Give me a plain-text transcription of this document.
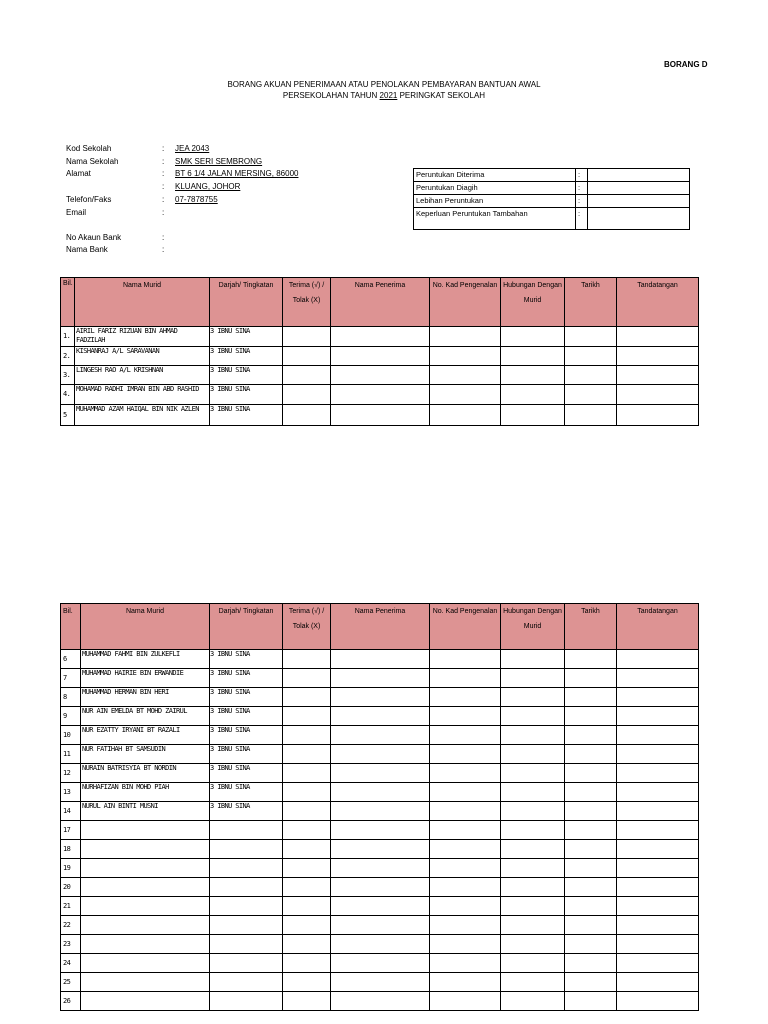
BORANG D
BORANG AKUAN PENERIMAAN ATAU PENOLAKAN PEMBAYARAN BANTUAN AWAL
PERSEKOLAHAN TAHUN 2021 PERINGKAT SEKOLAH
Kod Sekolah	: JEA 2043
Nama Sekolah	: SMK SERI SEMBRONG
Alamat	: BT 6 1/4 JALAN MERSING, 86000
: KLUANG, JOHOR
Telefon/Faks	: 07-7878755
Email	:
No Akaun Bank	:
Nama Bank	:
Peruntukan Diterima	:	
Peruntukan Diagih	:	
Lebihan Peruntukan	:	
Keperluan Peruntukan Tambahan	:	
Bil.	Nama Murid	Darjah/ Tingkatan	Terima (√) / Tolak (X)	Nama Penerima	No. Kad Pengenalan	Hubungan Dengan Murid	Tarikh	Tandatangan
1.	AIRIL FARIZ RIZUAN BIN AHMAD FADZILAH	3 IBNU SINA						
2.	KISHANRAJ A/L SARAVANAN	3 IBNU SINA						
3.	LINGESH RAO A/L KRISHNAN	3 IBNU SINA						
4.	MOHAMAD RADHI IMRAN BIN ABD RASHID	3 IBNU SINA						
5	MUHAMMAD AZAM HAIQAL BIN NIK AZLEN	3 IBNU SINA						
Bil.	Nama Murid	Darjah/ Tingkatan	Terima (√) / Tolak (X)	Nama Penerima	No. Kad Pengenalan	Hubungan Dengan Murid	Tarikh	Tandatangan
6	MUHAMMAD FAHMI BIN ZULKEFLI	3 IBNU SINA						
7	MUHAMMAD HAIRIE BIN ERWANDIE	3 IBNU SINA						
8	MUHAMMAD HERMAN BIN HERI	3 IBNU SINA						
9	NUR AIN EMELDA BT MOHD ZAIRUL	3 IBNU SINA						
10	NUR EZATTY IRYANI BT RAZALI	3 IBNU SINA						
11	NUR FATIHAH BT SAMSUDIN	3 IBNU SINA						
12	NURAIN BATRISYIA BT NORDIN	3 IBNU SINA						
13	NURHAFIZAN BIN MOHD PIAH	3 IBNU SINA						
14	NURUL AIN BINTI MUSNI	3 IBNU SINA						
17								
18								
19								
20								
21								
22								
23								
24								
25								
26								
